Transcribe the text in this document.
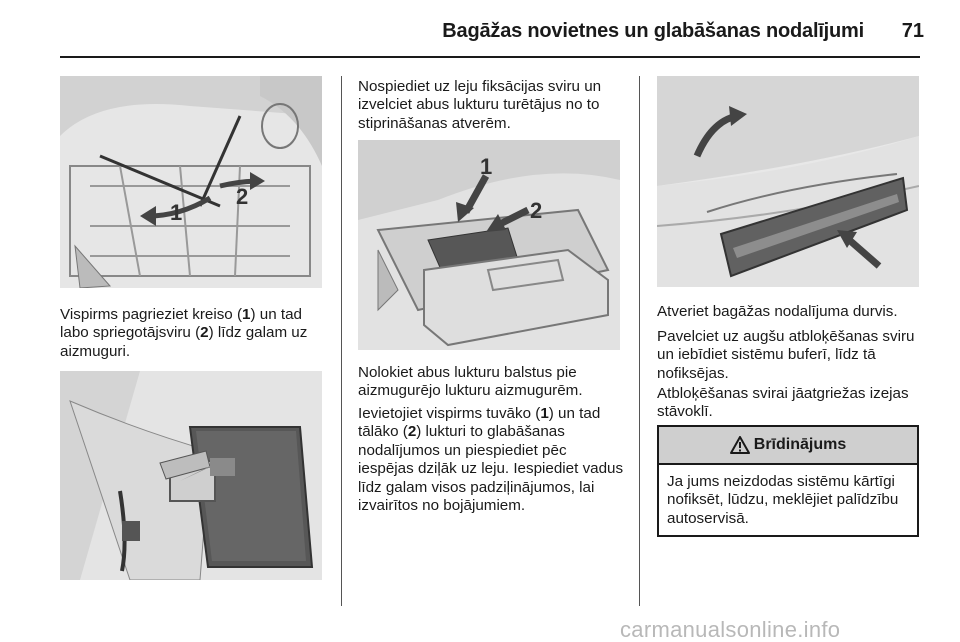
Bagāžas novietnes un glabāšanas nodalījumi 71
1
2
Vispirms pagrieziet kreiso (1) un tad labo spriegotājsviru (2) līdz galam uz aizmuguri.
Nospiediet uz leju fiksācijas sviru un izvelciet abus lukturu turētājus no to stiprināšanas atverēm.
1
2
Nolokiet abus lukturu balstus pie aizmugurējo lukturu aizmugurēm.
Ievietojiet vispirms tuvāko (1) un tad tālāko (2) lukturi to glabāšanas nodalījumos un piespiediet pēc iespējas dziļāk uz leju. Iespiediet vadus līdz galam visos padziļinājumos, lai izvairītos no bojājumiem.
Atveriet bagāžas nodalījuma durvis.
Pavelciet uz augšu atbloķēšanas sviru un iebīdiet sistēmu buferī, līdz tā nofiksējas.
Atbloķēšanas svirai jāatgriežas izejas stāvoklī.
Brīdinājums
Ja jums neizdodas sistēmu kārtīgi nofiksēt, lūdzu, meklējiet palīdzību autoservisā.
carmanualsonline.info
